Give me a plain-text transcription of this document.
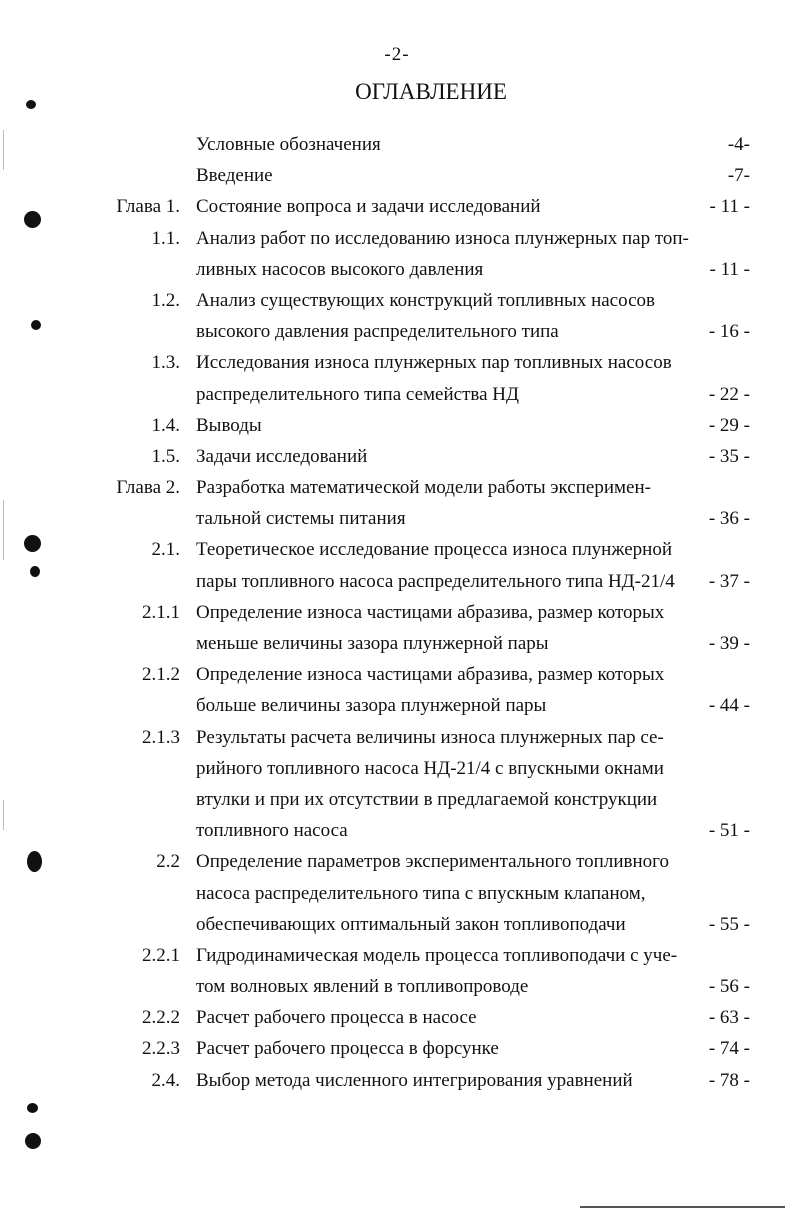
-2-
ОГЛАВЛЕНИЕ
Условные обозначения	-4-
Введение	-7-
Глава 1. Состояние вопроса и задачи исследований	- 11 -
1.1. Анализ работ по исследованию износа плунжерных пар топ-
ливных насосов высокого давления	- 11 -
1.2. Анализ существующих конструкций топливных насосов
высокого давления распределительного типа	- 16 -
1.3. Исследования износа плунжерных пар топливных насосов
распределительного типа семейства НД	- 22 -
1.4. Выводы	- 29 -
1.5. Задачи исследований	- 35 -
Глава 2. Разработка математической модели работы эксперимен-
тальной системы питания	- 36 -
2.1. Теоретическое исследование процесса износа плунжерной
пары топливного насоса распределительного типа НД-21/4 - 37 -
2.1.1 Определение износа частицами абразива, размер которых
меньше величины зазора плунжерной пары	- 39 -
2.1.2 Определение износа частицами абразива, размер которых
больше величины зазора плунжерной пары	- 44 -
2.1.3 Результаты расчета величины износа плунжерных пар се-
рийного топливного насоса НД-21/4 с впускными окнами
втулки и при их отсутствии в предлагаемой конструкции
топливного насоса	- 51 -
2.2 Определение параметров экспериментального топливного
насоса распределительного типа с впускным клапаном,
обеспечивающих оптимальный закон топливоподачи	- 55 -
2.2.1 Гидродинамическая модель процесса топливоподачи с уче-
том волновых явлений в топливопроводе	- 56 -
2.2.2 Расчет рабочего процесса в насосе	- 63 -
2.2.3 Расчет рабочего процесса в форсунке	- 74 -
2.4. Выбор метода численного интегрирования уравнений	- 78 -
